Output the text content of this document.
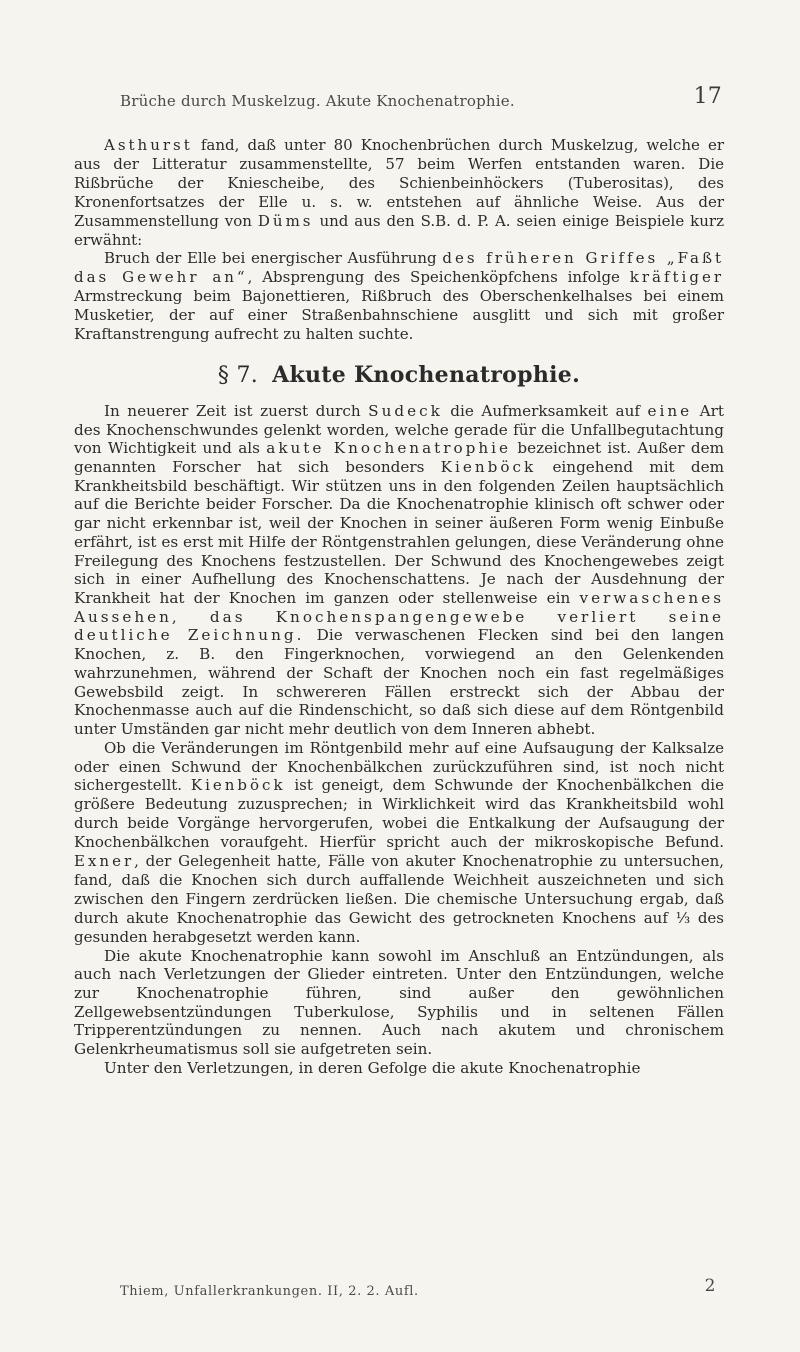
Brüche durch Muskelzug. Akute Knochenatrophie.	17

Asthurst fand, daß unter 80 Knochenbrüchen durch Muskelzug, welche er aus der Litteratur zusammenstellte, 57 beim Werfen entstanden waren. Die Rißbrüche der Kniescheibe, des Schienbeinhöckers (Tuberositas), des Kronenfortsatzes der Elle u. s. w. entstehen auf ähnliche Weise. Aus der Zusammenstellung von Düms und aus den S.B. d. P. A. seien einige Beispiele kurz erwähnt:

Bruch der Elle bei energischer Ausführung des früheren Griffes „Faßt das Gewehr an“, Absprengung des Speichenköpfchens infolge kräftiger Armstreckung beim Bajonettieren, Rißbruch des Oberschenkelhalses bei einem Musketier, der auf einer Straßenbahnschiene ausglitt und sich mit großer Kraftanstrengung aufrecht zu halten suchte.

§ 7. Akute Knochenatrophie.

In neuerer Zeit ist zuerst durch Sudeck die Aufmerksamkeit auf eine Art des Knochenschwundes gelenkt worden, welche gerade für die Unfallbegutachtung von Wichtigkeit und als akute Knochenatrophie bezeichnet ist. Außer dem genannten Forscher hat sich besonders Kienböck eingehend mit dem Krankheitsbild beschäftigt. Wir stützen uns in den folgenden Zeilen hauptsächlich auf die Berichte beider Forscher. Da die Knochenatrophie klinisch oft schwer oder gar nicht erkennbar ist, weil der Knochen in seiner äußeren Form wenig Einbuße erfährt, ist es erst mit Hilfe der Röntgenstrahlen gelungen, diese Veränderung ohne Freilegung des Knochens festzustellen. Der Schwund des Knochengewebes zeigt sich in einer Aufhellung des Knochenschattens. Je nach der Ausdehnung der Krankheit hat der Knochen im ganzen oder stellenweise ein verwaschenes Aussehen, das Knochenspangengewebe verliert seine deutliche Zeichnung. Die verwaschenen Flecken sind bei den langen Knochen, z. B. den Fingerknochen, vorwiegend an den Gelenkenden wahrzunehmen, während der Schaft der Knochen noch ein fast regelmäßiges Gewebsbild zeigt. In schwereren Fällen erstreckt sich der Abbau der Knochenmasse auch auf die Rindenschicht, so daß sich diese auf dem Röntgenbild unter Umständen gar nicht mehr deutlich von dem Inneren abhebt.

Ob die Veränderungen im Röntgenbild mehr auf eine Aufsaugung der Kalksalze oder einen Schwund der Knochenbälkchen zurückzuführen sind, ist noch nicht sichergestellt. Kienböck ist geneigt, dem Schwunde der Knochenbälkchen die größere Bedeutung zuzusprechen; in Wirklichkeit wird das Krankheitsbild wohl durch beide Vorgänge hervorgerufen, wobei die Entkalkung der Aufsaugung der Knochenbälkchen voraufgeht. Hierfür spricht auch der mikroskopische Befund. Exner, der Gelegenheit hatte, Fälle von akuter Knochenatrophie zu untersuchen, fand, daß die Knochen sich durch auffallende Weichheit auszeichneten und sich zwischen den Fingern zerdrücken ließen. Die chemische Untersuchung ergab, daß durch akute Knochenatrophie das Gewicht des getrockneten Knochens auf ⅓ des gesunden herabgesetzt werden kann.

Die akute Knochenatrophie kann sowohl im Anschluß an Entzündungen, als auch nach Verletzungen der Glieder eintreten. Unter den Entzündungen, welche zur Knochenatrophie führen, sind außer den gewöhnlichen Zellgewebsentzündungen Tuberkulose, Syphilis und in seltenen Fällen Tripperentzündungen zu nennen. Auch nach akutem und chronischem Gelenkrheumatismus soll sie aufgetreten sein.

Unter den Verletzungen, in deren Gefolge die akute Knochenatrophie

Thiem, Unfallerkrankungen. II, 2. 2. Aufl.	2
